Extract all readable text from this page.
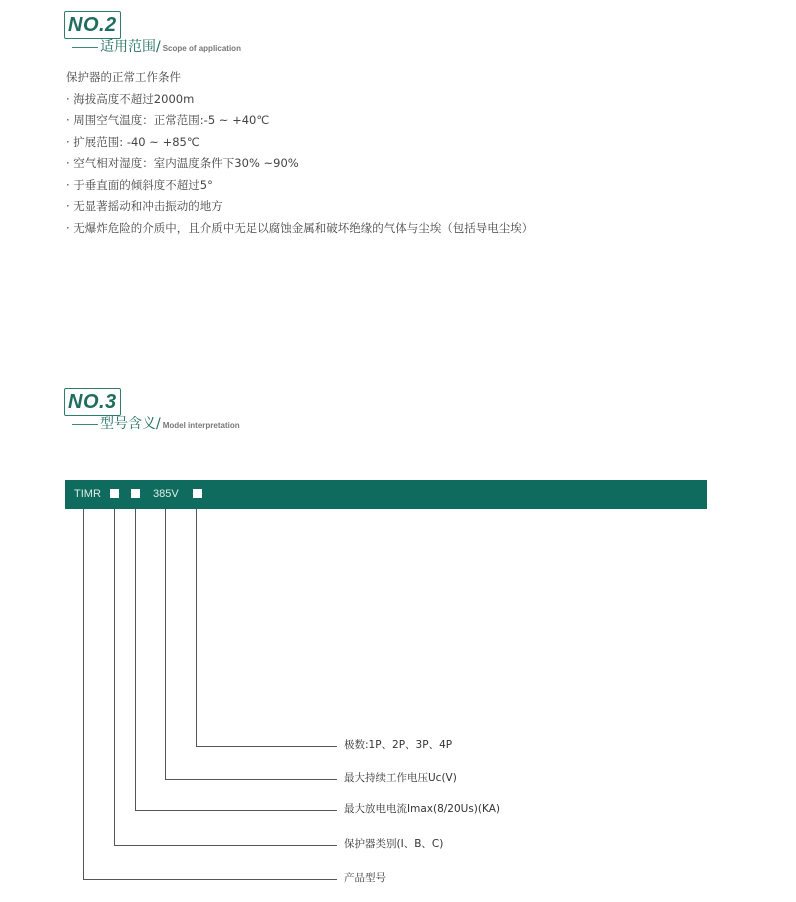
NO.2
适用范围/ Scope of application
保护器的正常工作条件
· 海拔高度不超过2000m
· 周围空气温度：正常范围:-5 ~ +40℃
· 扩展范围: -40 ~ +85℃
· 空气相对湿度：室内温度条件下30% ~90%
· 于垂直面的倾斜度不超过5°
· 无显著摇动和冲击振动的地方
· 无爆炸危险的介质中，且介质中无足以腐蚀金属和破坏绝缘的气体与尘埃（包括导电尘埃）
NO.3
型号含义/ Model interpretation
TIMR	385V
极数:1P、2P、3P、4P
最大持续工作电压Uc(V)
最大放电电流Imax(8/20Us)(KA)
保护器类别(I、B、C)
产品型号
